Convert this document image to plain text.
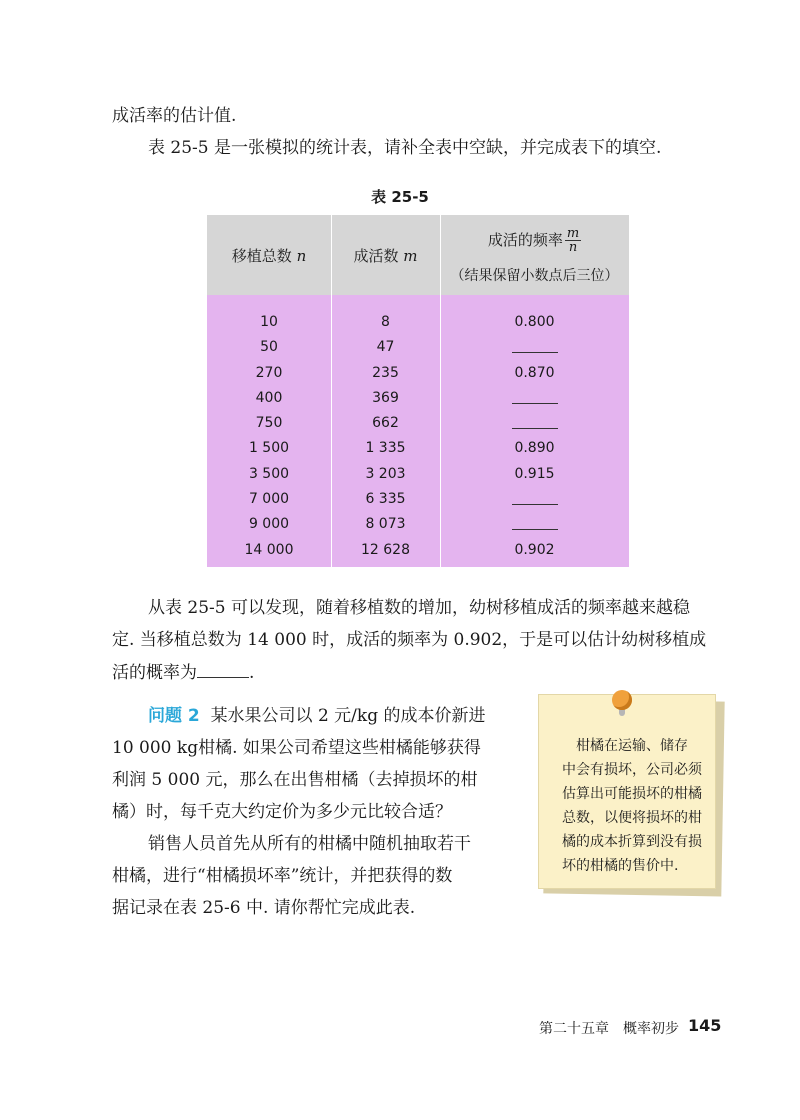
成活率的估计值.
表 25-5 是一张模拟的统计表，请补全表中空缺，并完成表下的填空.
表 25-5
移植总数 n	成活数 m
成活的频率 $\frac{m}{n}$
（结果保留小数点后三位）
10
50
270
400
750
1 500
3 500
7 000
9 000
14 000
8
47
235
369
662
1 335
3 203
6 335
8 073
12 628
0.800
0.870
0.890
0.915
0.902
从表 25-5 可以发现，随着移植数的增加，幼树移植成活的频率越来越稳
定. 当移植总数为 14 000 时，成活的频率为 0.902，于是可以估计幼树移植成
活的概率为	.
问题 2 某水果公司以 2 元/kg 的成本价新进
10 000 kg柑橘. 如果公司希望这些柑橘能够获得
利润 5 000 元，那么在出售柑橘（去掉损坏的柑
橘）时，每千克大约定价为多少元比较合适？
销售人员首先从所有的柑橘中随机抽取若干
柑橘，进行“柑橘损坏率”统计，并把获得的数
据记录在表 25-6 中. 请你帮忙完成此表.
柑橘在运输、储存
中会有损坏，公司必须
估算出可能损坏的柑橘
总数，以便将损坏的柑
橘的成本折算到没有损
坏的柑橘的售价中.
第二十五章　概率初步 145
